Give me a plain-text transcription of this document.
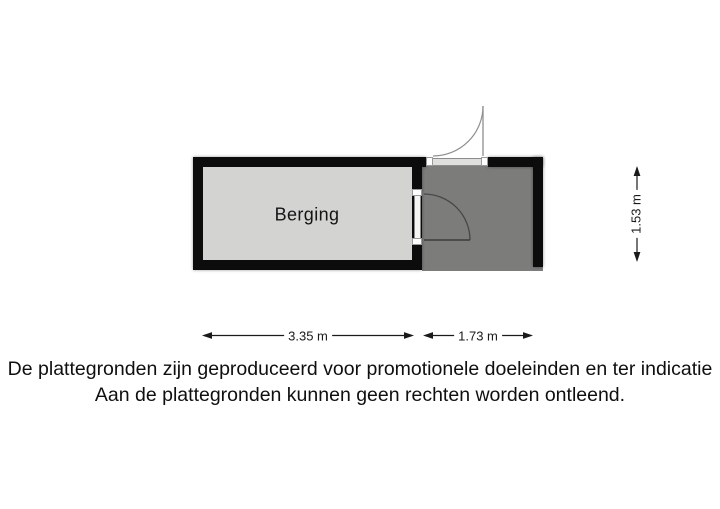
Berging
3.35 m	1.73 m
1.53 m
De plattegronden zijn geproduceerd voor promotionele doeleinden en ter indicatie
Aan de plattegronden kunnen geen rechten worden ontleend.
